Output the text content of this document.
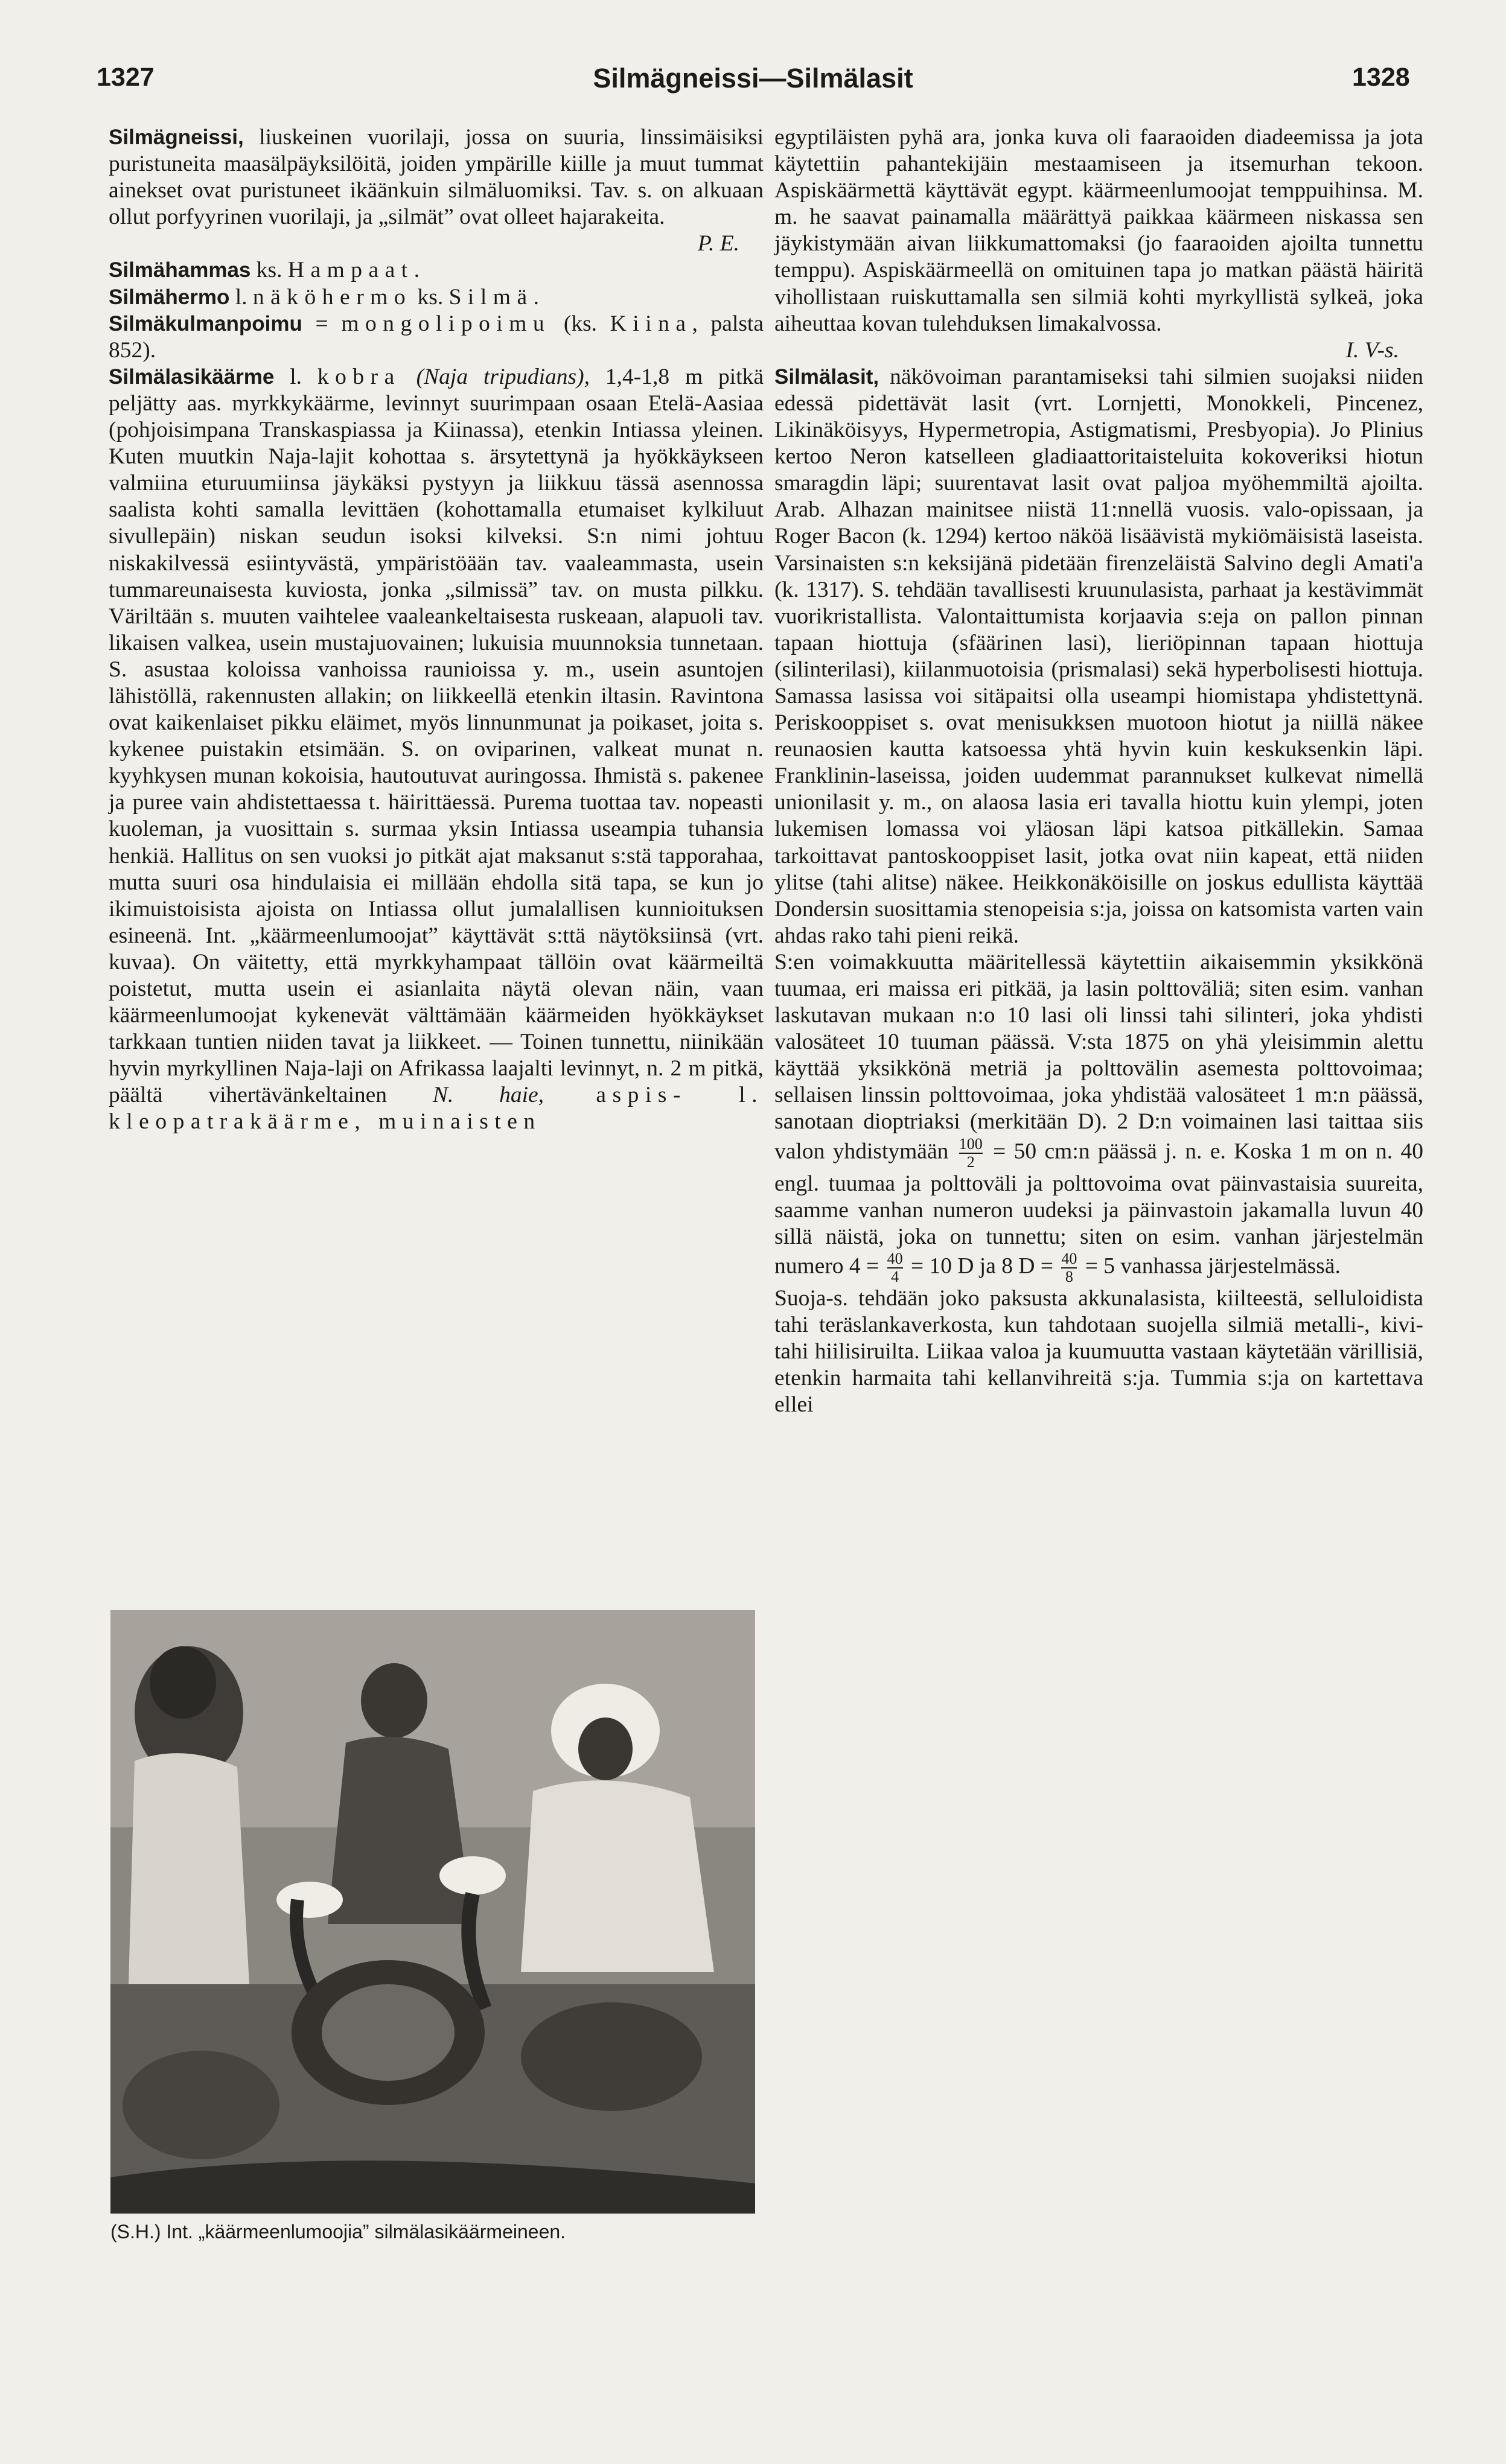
1327	Silmägneissi—Silmälasit	1328

Silmägneissi, liuskeinen vuorilaji, jossa on suuria, linssimäisiksi puristuneita maasälpäyksilöitä, joiden ympärille kiille ja muut tummat ainekset ovat puristuneet ikäänkuin silmäluomiksi. Tav. s. on alkuaan ollut porfyyrinen vuorilaji, ja „silmät” ovat olleet hajarakeita.

P. E.

Silmähammas ks. Hampaat.

Silmähermo l. näköhermo ks. Silmä.

Silmäkulmanpoimu = mongolipoimu (ks. Kiina, palsta 852).

Silmälasikäärme l. kobra (Naja tripudians), 1,4-1,8 m pitkä peljätty aas. myrkkykäärme, levinnyt suurimpaan osaan Etelä-Aasiaa (pohjoisimpana Transkaspiassa ja Kiinassa), etenkin Intiassa yleinen. Kuten muutkin Naja-lajit kohottaa s. ärsytettynä ja hyökkäykseen valmiina eturuumiinsa jäykäksi pystyyn ja liikkuu tässä asennossa saalista kohti samalla levittäen (kohottamalla etumaiset kylkiluut sivullepäin) niskan seudun isoksi kilveksi. S:n nimi johtuu niskakilvessä esiintyvästä, ympäristöään tav. vaaleammasta, usein tummareunaisesta kuviosta, jonka „silmissä” tav. on musta pilkku. Väriltään s. muuten vaihtelee vaaleankeltaisesta ruskeaan, alapuoli tav. likaisen valkea, usein mustajuovainen; lukuisia muunnoksia tunnetaan. S. asustaa koloissa vanhoissa raunioissa y. m., usein asuntojen lähistöllä, rakennusten allakin; on liikkeellä etenkin iltasin. Ravintona ovat kaikenlaiset pikku eläimet, myös linnunmunat ja poikaset, joita s. kykenee puistakin etsimään. S. on oviparinen, valkeat munat n. kyyhkysen munan kokoisia, hautoutuvat auringossa. Ihmistä s. pakenee ja puree vain ahdistettaessa t. häirittäessä. Purema tuottaa tav. nopeasti kuoleman, ja vuosittain s. surmaa yksin Intiassa useampia tuhansia henkiä. Hallitus on sen vuoksi jo pitkät ajat maksanut s:stä tapporahaa, mutta suuri osa hindulaisia ei millään ehdolla sitä tapa, se kun jo ikimuistoisista ajoista on Intiassa ollut jumalallisen kunnioituksen esineenä. Int. „käärmeenlumoojat” käyttävät s:ttä näytöksiinsä (vrt. kuvaa). On väitetty, että myrkkyhampaat tällöin ovat käärmeiltä poistetut, mutta usein ei asianlaita näytä olevan näin, vaan käärmeenlumoojat kykenevät välttämään käärmeiden hyökkäykset tarkkaan tuntien niiden tavat ja liikkeet. — Toinen tunnettu, niinikään hyvin myrkyllinen Naja-laji on Afrikassa laajalti levinnyt, n. 2 m pitkä, päältä vihertävänkeltainen N. haie, aspis- l. kleopatrakäärme, muinaisten

(S.H.) Int. „käärmeenlumoojia” silmälasikäärmeineen.

egyptiläisten pyhä ara, jonka kuva oli faaraoiden diadeemissa ja jota käytettiin pahantekijäin mestaamiseen ja itsemurhan tekoon. Aspiskäärmettä käyttävät egypt. käärmeenlumoojat temppuihinsa. M. m. he saavat painamalla määrättyä paikkaa käärmeen niskassa sen jäykistymään aivan liikkumattomaksi (jo faaraoiden ajoilta tunnettu temppu). Aspiskäärmeellä on omituinen tapa jo matkan päästä häiritä vihollistaan ruiskuttamalla sen silmiä kohti myrkyllistä sylkeä, joka aiheuttaa kovan tulehduksen limakalvossa.

I. V-s.

Silmälasit, näkövoiman parantamiseksi tahi silmien suojaksi niiden edessä pidettävät lasit (vrt. Lornjetti, Monokkeli, Pincenez, Likinäköisyys, Hypermetropia, Astigmatismi, Presbyopia). Jo Plinius kertoo Neron katselleen gladiaattoritaisteluita kokoveriksi hiotun smaragdin läpi; suurentavat lasit ovat paljoa myöhemmiltä ajoilta. Arab. Alhazan mainitsee niistä 11:nnellä vuosis. valo-opissaan, ja Roger Bacon (k. 1294) kertoo näköä lisäävistä mykiömäisistä laseista. Varsinaisten s:n keksijänä pidetään firenzeläistä Salvino degli Amati'a (k. 1317). S. tehdään tavallisesti kruunulasista, parhaat ja kestävimmät vuorikristallista. Valontaittumista korjaavia s:eja on pallon pinnan tapaan hiottuja (sfäärinen lasi), lieriöpinnan tapaan hiottuja (silinterilasi), kiilanmuotoisia (prismalasi) sekä hyperbolisesti hiottuja. Samassa lasissa voi sitäpaitsi olla useampi hiomistapa yhdistettynä. Periskooppiset s. ovat menisukksen muotoon hiotut ja niillä näkee reunaosien kautta katsoessa yhtä hyvin kuin keskuksenkin läpi. Franklinin-laseissa, joiden uudemmat parannukset kulkevat nimellä unionilasit y. m., on alaosa lasia eri tavalla hiottu kuin ylempi, joten lukemisen lomassa voi yläosan läpi katsoa pitkällekin. Samaa tarkoittavat pantoskooppiset lasit, jotka ovat niin kapeat, että niiden ylitse (tahi alitse) näkee. Heikkonäköisille on joskus edullista käyttää Dondersin suosittamia stenopeisia s:ja, joissa on katsomista varten vain ahdas rako tahi pieni reikä.

S:en voimakkuutta määritellessä käytettiin aikaisemmin yksikkönä tuumaa, eri maissa eri pitkää, ja lasin polttoväliä; siten esim. vanhan laskutavan mukaan n:o 10 lasi oli linssi tahi silinteri, joka yhdisti valosäteet 10 tuuman päässä. V:sta 1875 on yhä yleisimmin alettu käyttää yksikkönä metriä ja polttovälin asemesta polttovoimaa; sellaisen linssin polttovoimaa, joka yhdistää valosäteet 1 m:n päässä, sanotaan dioptriaksi (merkitään D). 2 D:n voimainen lasi taittaa siis valon yhdistymään $\frac{100}{2} = 50$ cm:n päässä j. n. e. Koska 1 m on n. 40 engl. tuumaa ja polttoväli ja polttovoima ovat päinvastaisia suureita, saamme vanhan numeron uudeksi ja päinvastoin jakamalla luvun 40 sillä näistä, joka on tunnettu; siten on esim. vanhan järjestelmän numero $4 = \frac{40}{4} = 10$ D ja 8 $D = \frac{40}{8} = 5$ vanhassa järjestelmässä.

Suoja-s. tehdään joko paksusta akkunalasista, kiilteestä, selluloidista tahi teräslankaverkosta, kun tahdotaan suojella silmiä metalli-, kivi- tahi hiilisiruilta. Liikaa valoa ja kuumuutta vastaan käytetään värillisiä, etenkin harmaita tahi kellanvihreitä s:ja. Tummia s:ja on kartettava ellei
